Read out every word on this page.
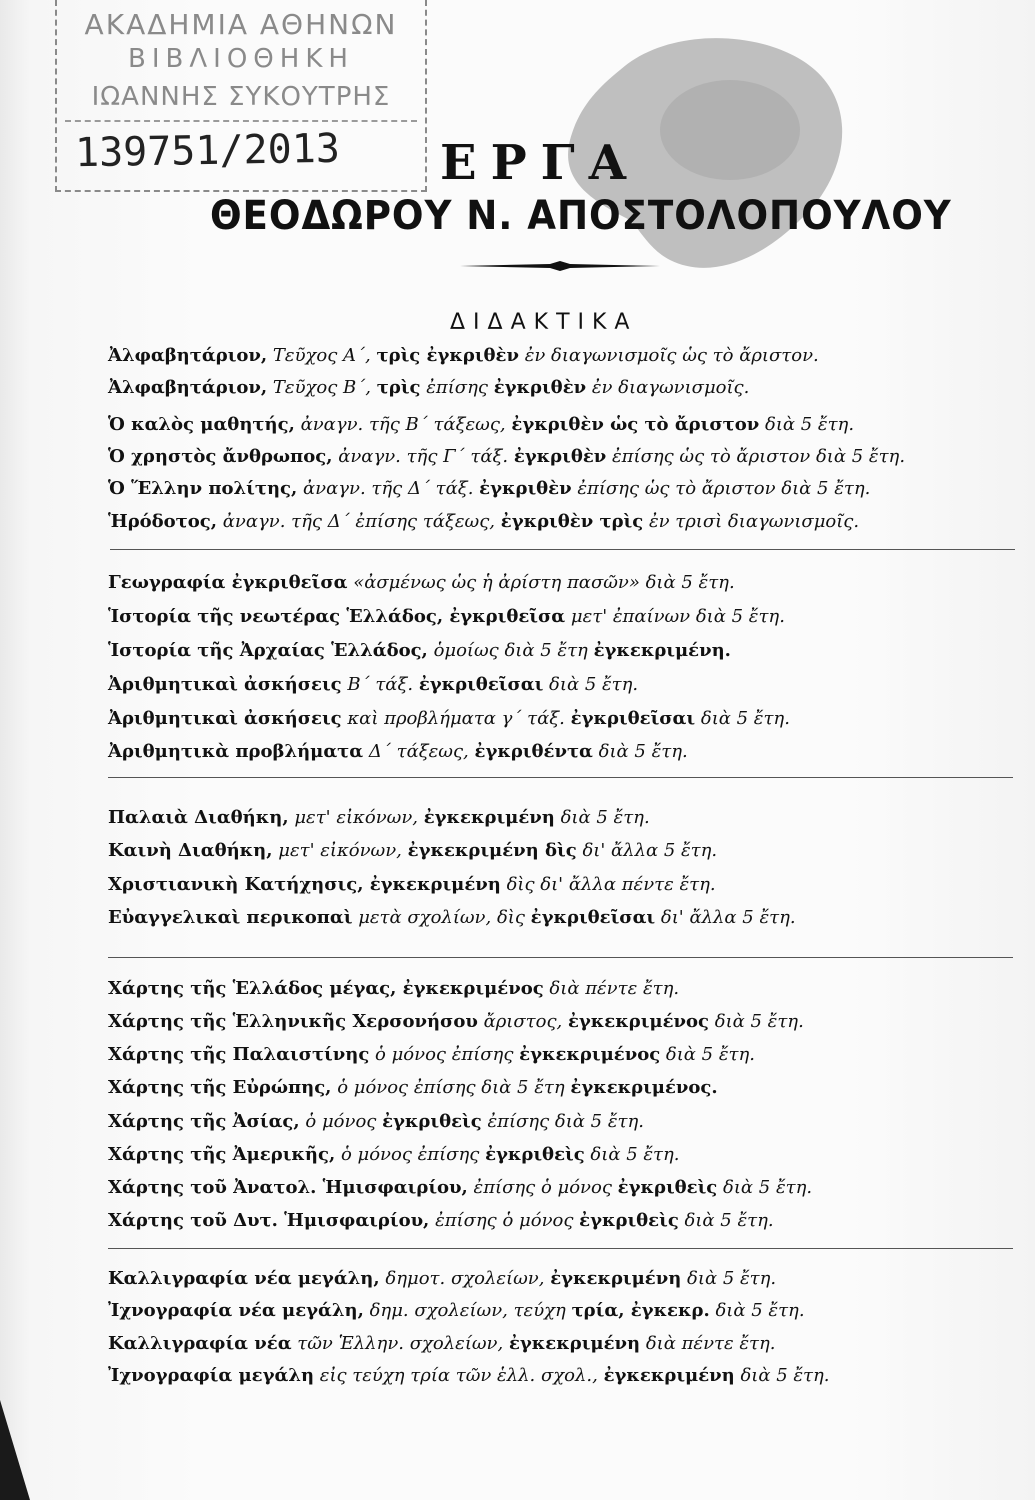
ΑΚΑΔΗΜΙΑ ΑΘΗΝΩΝ
ΒΙΒΛΙΟΘΗΚΗ
ΙΩΑΝΝΗΣ ΣΥΚΟΥΤΡΗΣ
139751/2013 ΕΡΓΑ
ΘΕΟΔΩΡΟΥ Ν. ΑΠΟΣΤΟΛΟΠΟΥΛΟΥ
ΔΙΔΑΚΤΙΚΑ
Ἀλφαβητάριον, Τεῦχος Α΄, τρὶς ἐγκριθὲν ἐν διαγωνισμοῖς ὡς τὸ ἄριστον.
Ἀλφαβητάριον, Τεῦχος Β΄, τρὶς ἐπίσης ἐγκριθὲν ἐν διαγωνισμοῖς.
Ὁ καλὸς μαθητής, ἀναγν. τῆς Β΄ τάξεως, ἐγκριθὲν ὡς τὸ ἄριστον διὰ 5 ἔτη.
Ὁ χρηστὸς ἄνθρωπος, ἀναγν. τῆς Γ΄ τάξ. ἐγκριθὲν ἐπίσης ὡς τὸ ἄριστον διὰ 5 ἔτη.
Ὁ Ἕλλην πολίτης, ἀναγν. τῆς Δ΄ τάξ. ἐγκριθὲν ἐπίσης ὡς τὸ ἄριστον διὰ 5 ἔτη.
Ἡρόδοτος, ἀναγν. τῆς Δ΄ ἐπίσης τάξεως, ἐγκριθὲν τρὶς ἐν τρισὶ διαγωνισμοῖς.
Γεωγραφία ἐγκριθεῖσα «ἀσμένως ὡς ἡ ἀρίστη πασῶν» διὰ 5 ἔτη.
Ἱστορία τῆς νεωτέρας Ἑλλάδος, ἐγκριθεῖσα μετ' ἐπαίνων διὰ 5 ἔτη.
Ἱστορία τῆς Ἀρχαίας Ἑλλάδος, ὁμοίως διὰ 5 ἔτη ἐγκεκριμένη.
Ἀριθμητικαὶ ἀσκήσεις Β΄ τάξ. ἐγκριθεῖσαι διὰ 5 ἔτη.
Ἀριθμητικαὶ ἀσκήσεις καὶ προβλήματα γ΄ τάξ. ἐγκριθεῖσαι διὰ 5 ἔτη.
Ἀριθμητικὰ προβλήματα Δ΄ τάξεως, ἐγκριθέντα διὰ 5 ἔτη.
Παλαιὰ Διαθήκη, μετ' εἰκόνων, ἐγκεκριμένη διὰ 5 ἔτη.
Καινὴ Διαθήκη, μετ' εἰκόνων, ἐγκεκριμένη δὶς δι' ἄλλα 5 ἔτη.
Χριστιανικὴ Κατήχησις, ἐγκεκριμένη δὶς δι' ἄλλα πέντε ἔτη.
Εὐαγγελικαὶ περικοπαὶ μετὰ σχολίων, δὶς ἐγκριθεῖσαι δι' ἄλλα 5 ἔτη.
Χάρτης τῆς Ἑλλάδος μέγας, ἐγκεκριμένος διὰ πέντε ἔτη.
Χάρτης τῆς Ἑλληνικῆς Χερσονήσου ἄριστος, ἐγκεκριμένος διὰ 5 ἔτη.
Χάρτης τῆς Παλαιστίνης ὁ μόνος ἐπίσης ἐγκεκριμένος διὰ 5 ἔτη.
Χάρτης τῆς Εὐρώπης, ὁ μόνος ἐπίσης διὰ 5 ἔτη ἐγκεκριμένος.
Χάρτης τῆς Ἀσίας, ὁ μόνος ἐγκριθεὶς ἐπίσης διὰ 5 ἔτη.
Χάρτης τῆς Ἀμερικῆς, ὁ μόνος ἐπίσης ἐγκριθεὶς διὰ 5 ἔτη.
Χάρτης τοῦ Ἀνατολ. Ἡμισφαιρίου, ἐπίσης ὁ μόνος ἐγκριθεὶς διὰ 5 ἔτη.
Χάρτης τοῦ Δυτ. Ἡμισφαιρίου, ἐπίσης ὁ μόνος ἐγκριθεὶς διὰ 5 ἔτη.
Καλλιγραφία νέα μεγάλη, δημοτ. σχολείων, ἐγκεκριμένη διὰ 5 ἔτη.
Ἰχνογραφία νέα μεγάλη, δημ. σχολείων, τεύχη τρία, ἐγκεκρ. διὰ 5 ἔτη.
Καλλιγραφία νέα τῶν Ἑλλην. σχολείων, ἐγκεκριμένη διὰ πέντε ἔτη.
Ἰχνογραφία μεγάλη εἰς τεύχη τρία τῶν ἑλλ. σχολ., ἐγκεκριμένη διὰ 5 ἔτη.
